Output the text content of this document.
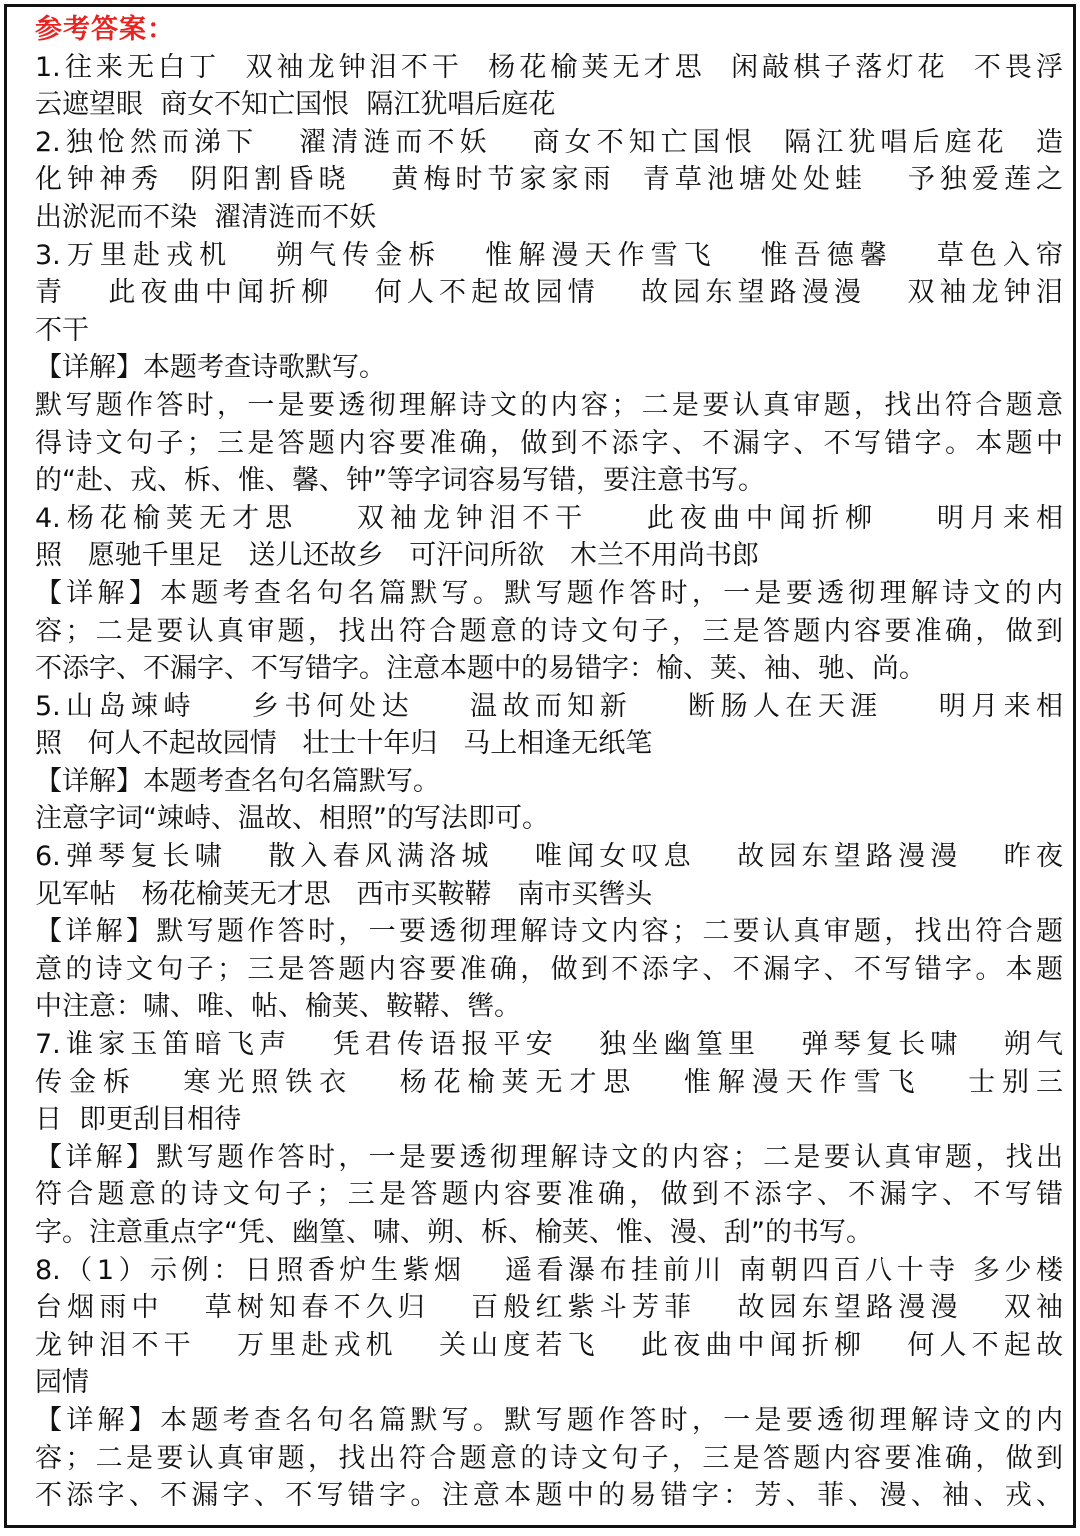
参考答案：
1.往来无白丁  双袖龙钟泪不干  杨花榆荚无才思  闲敲棋子落灯花  不畏浮
云遮望眼  商女不知亡国恨  隔江犹唱后庭花
2.独怆然而涕下   濯清涟而不妖   商女不知亡国恨  隔江犹唱后庭花  造
化钟神秀  阴阳割昏晓   黄梅时节家家雨  青草池塘处处蛙   予独爱莲之
出淤泥而不染  濯清涟而不妖
3.万里赴戎机   朔气传金柝   惟解漫天作雪飞   惟吾德馨   草色入帘
青   此夜曲中闻折柳   何人不起故园情   故园东望路漫漫   双袖龙钟泪
不干
【详解】本题考查诗歌默写。
默写题作答时，一是要透彻理解诗文的内容；二是要认真审题，找出符合题意
得诗文句子；三是答题内容要准确，做到不添字、不漏字、不写错字。本题中
的“赴、戎、柝、惟、馨、钟”等字词容易写错，要注意书写。
4.杨花榆荚无才思    双袖龙钟泪不干    此夜曲中闻折柳    明月来相
照   愿驰千里足   送儿还故乡   可汗问所欲   木兰不用尚书郎
【详解】本题考查名句名篇默写。默写题作答时，一是要透彻理解诗文的内
容；二是要认真审题，找出符合题意的诗文句子，三是答题内容要准确，做到
不添字、不漏字、不写错字。注意本题中的易错字：榆、荚、袖、驰、尚。
5.山岛竦峙    乡书何处达    温故而知新    断肠人在天涯    明月来相
照   何人不起故园情   壮士十年归   马上相逢无纸笔
【详解】本题考查名句名篇默写。
注意字词“竦峙、温故、相照”的写法即可。
6.弹琴复长啸   散入春风满洛城   唯闻女叹息   故园东望路漫漫   昨夜
见军帖   杨花榆荚无才思   西市买鞍鞯   南市买辔头
【详解】默写题作答时，一要透彻理解诗文内容；二要认真审题，找出符合题
意的诗文句子；三是答题内容要准确，做到不添字、不漏字、不写错字。本题
中注意：啸、唯、帖、榆荚、鞍鞯、辔。
7.谁家玉笛暗飞声   凭君传语报平安   独坐幽篁里   弹琴复长啸   朔气
传金柝   寒光照铁衣   杨花榆荚无才思   惟解漫天作雪飞   士别三
日  即更刮目相待
【详解】默写题作答时，一是要透彻理解诗文的内容；二是要认真审题，找出
符合题意的诗文句子；三是答题内容要准确，做到不添字、不漏字、不写错
字。注意重点字“凭、幽篁、啸、朔、柝、榆荚、惟、漫、刮”的书写。
8.（1）示例：日照香炉生紫烟   遥看瀑布挂前川 南朝四百八十寺 多少楼
台烟雨中   草树知春不久归   百般红紫斗芳菲   故园东望路漫漫   双袖
龙钟泪不干   万里赴戎机   关山度若飞   此夜曲中闻折柳   何人不起故
园情
【详解】本题考查名句名篇默写。默写题作答时，一是要透彻理解诗文的内
容；二是要认真审题，找出符合题意的诗文句子，三是答题内容要准确，做到
不添字、不漏字、不写错字。注意本题中的易错字：芳、菲、漫、袖、戎、
